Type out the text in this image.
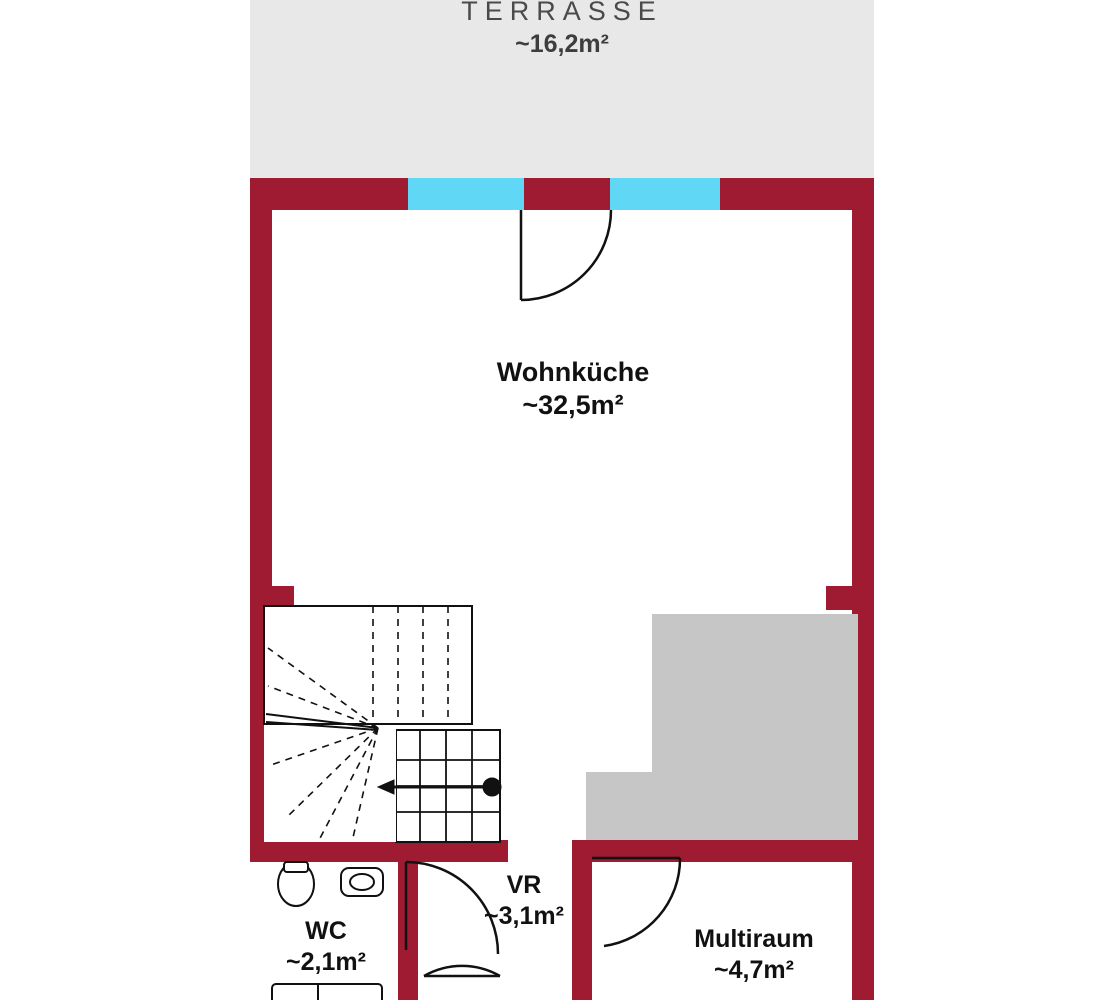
TERRASSE
~16,2m²
Wohnküche
~32,5m²
WC
~2,1m²
VR
~3,1m²
Multiraum
~4,7m²
